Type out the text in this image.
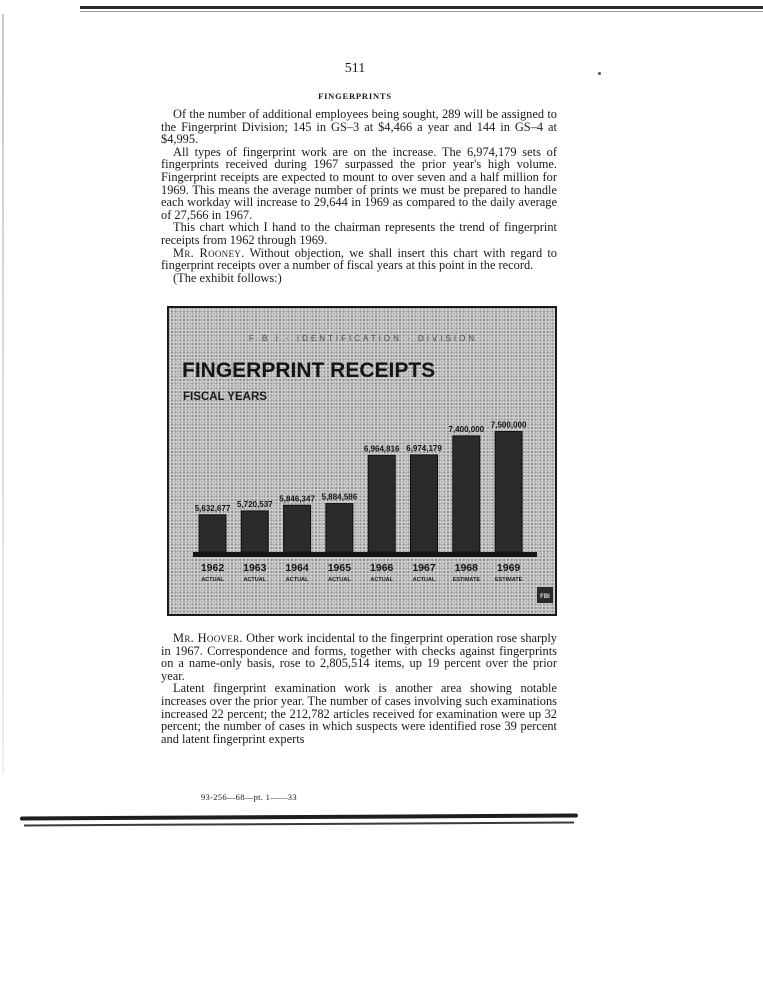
511
FINGERPRINTS

Of the number of additional employees being sought, 289 will be assigned to the Fingerprint Division; 145 in GS–3 at $4,466 a year and 144 in GS–4 at $4,995.

All types of fingerprint work are on the increase. The 6,974,179 sets of fingerprints received during 1967 surpassed the prior year's high volume. Fingerprint receipts are expected to mount to over seven and a half million for 1969. This means the average number of prints we must be prepared to handle each workday will increase to 29,644 in 1969 as compared to the daily average of 27,566 in 1967.

This chart which I hand to the chairman represents the trend of fingerprint receipts from 1962 through 1969.

Mr. Rooney. Without objection, we shall insert this chart with regard to fingerprint receipts over a number of fiscal years at this point in the record.

(The exhibit follows:)

F B I · IDENTIFICATION · DIVISION
FINGERPRINT RECEIPTS
FISCAL YEARS
5,632,677
1962
ACTUAL
5,720,537
1963
ACTUAL
5,846,347
1964
ACTUAL
5,884,586
1965
ACTUAL
6,964,816
1966
ACTUAL
6,974,179
1967
ACTUAL
7,400,000
1968
ESTIMATE
7,500,000
1969
ESTIMATE
FBI

Mr. Hoover. Other work incidental to the fingerprint operation rose sharply in 1967. Correspondence and forms, together with checks against fingerprints on a name-only basis, rose to 2,805,514 items, up 19 percent over the prior year.

Latent fingerprint examination work is another area showing notable increases over the prior year. The number of cases involving such examinations increased 22 percent; the 212,782 articles received for examination were up 32 percent; the number of cases in which suspects were identified rose 39 percent and latent fingerprint experts

93-256—68—pt. 1——33
